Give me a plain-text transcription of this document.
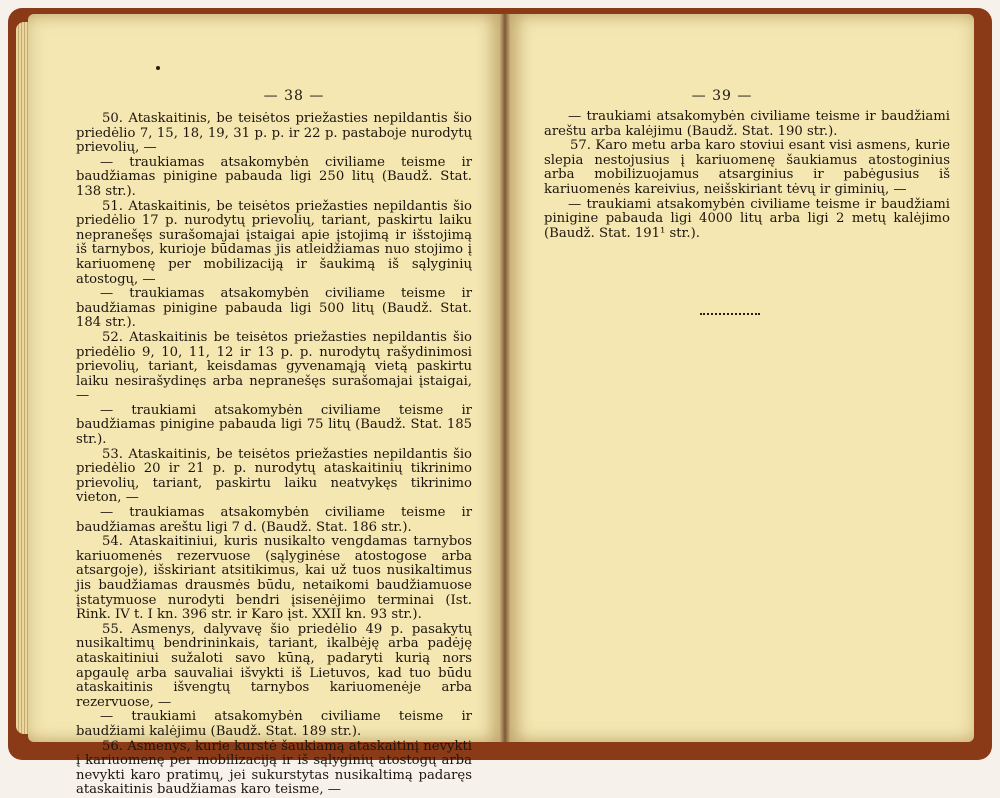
— 38 —

50. Ataskaitinis, be teisėtos priežasties nepildantis šio priedėlio 7, 15, 18, 19, 31 p. p. ir 22 p. pastaboje nurodytų prievolių, —

— traukiamas atsakomybėn civiliame teisme ir baudžiamas pinigine pabauda ligi 250 litų (Baudž. Stat. 138 str.).

51. Ataskaitinis, be teisėtos priežasties nepildantis šio priedėlio 17 p. nurodytų prievolių, tariant, paskirtu laiku nepranešęs surašomajai įstaigai apie įstojimą ir išstojimą iš tarnybos, kurioje būdamas jis atleidžiamas nuo stojimo į kariuomenę per mobilizaciją ir šaukimą iš sąlyginių atostogų, —

— traukiamas atsakomybėn civiliame teisme ir baudžiamas pinigine pabauda ligi 500 litų (Baudž. Stat. 184 str.).

52. Ataskaitinis be teisėtos priežasties nepildantis šio priedėlio 9, 10, 11, 12 ir 13 p. p. nurodytų rašydinimosi prievolių, tariant, keisdamas gyvenamąją vietą paskirtu laiku nesirašydinęs arba nepranešęs surašomajai įstaigai, —

— traukiami atsakomybėn civiliame teisme ir baudžiamas pinigine pabauda ligi 75 litų (Baudž. Stat. 185 str.).

53. Ataskaitinis, be teisėtos priežasties nepildantis šio priedėlio 20 ir 21 p. p. nurodytų ataskaitinių tikrinimo prievolių, tariant, paskirtu laiku neatvykęs tikrinimo vieton, —

— traukiamas atsakomybėn civiliame teisme ir baudžiamas areštu ligi 7 d. (Baudž. Stat. 186 str.).

54. Ataskaitiniui, kuris nusikalto vengdamas tarnybos kariuomenės rezervuose (sąlyginėse atostogose arba atsargoje), išskiriant atsitikimus, kai už tuos nusikaltimus jis baudžiamas drausmės būdu, netaikomi baudžiamuose įstatymuose nurodyti bendri įsisenėjimo terminai (Ist. Rink. IV t. I kn. 396 str. ir Karo įst. XXII kn. 93 str.).

55. Asmenys, dalyvavę šio priedėlio 49 p. pasakytų nusikaltimų bendrininkais, tariant, ikalbėję arba padėję ataskaitiniui sužaloti savo kūną, padaryti kurią nors apgaulę arba sauvaliai išvykti iš Lietuvos, kad tuo būdu ataskaitinis išvengtų tarnybos kariuomenėje arba rezervuose, —

— traukiami atsakomybėn civiliame teisme ir baudžiami kalėjimu (Baudž. Stat. 189 str.).

56. Asmenys, kurie kurstė šaukiamą ataskaitinį nevykti į kariuomenę per mobilizaciją ir iš sąlyginių atostogų arba nevykti karo pratimų, jei sukurstytas nusikaltimą padaręs ataskaitinis baudžiamas karo teisme, —

— 39 —

— traukiami atsakomybėn civiliame teisme ir baudžiami areštu arba kalėjimu (Baudž. Stat. 190 str.).

57. Karo metu arba karo stoviui esant visi asmens, kurie slepia nestojusius į kariuomenę šaukiamus atostoginius arba mobilizuojamus atsarginius ir pabėgusius iš kariuomenės kareivius, neišskiriant tėvų ir giminių, —

— traukiami atsakomybėn civiliame teisme ir baudžiami pinigine pabauda ligi 4000 litų arba ligi 2 metų kalėjimo (Baudž. Stat. 191¹ str.).
